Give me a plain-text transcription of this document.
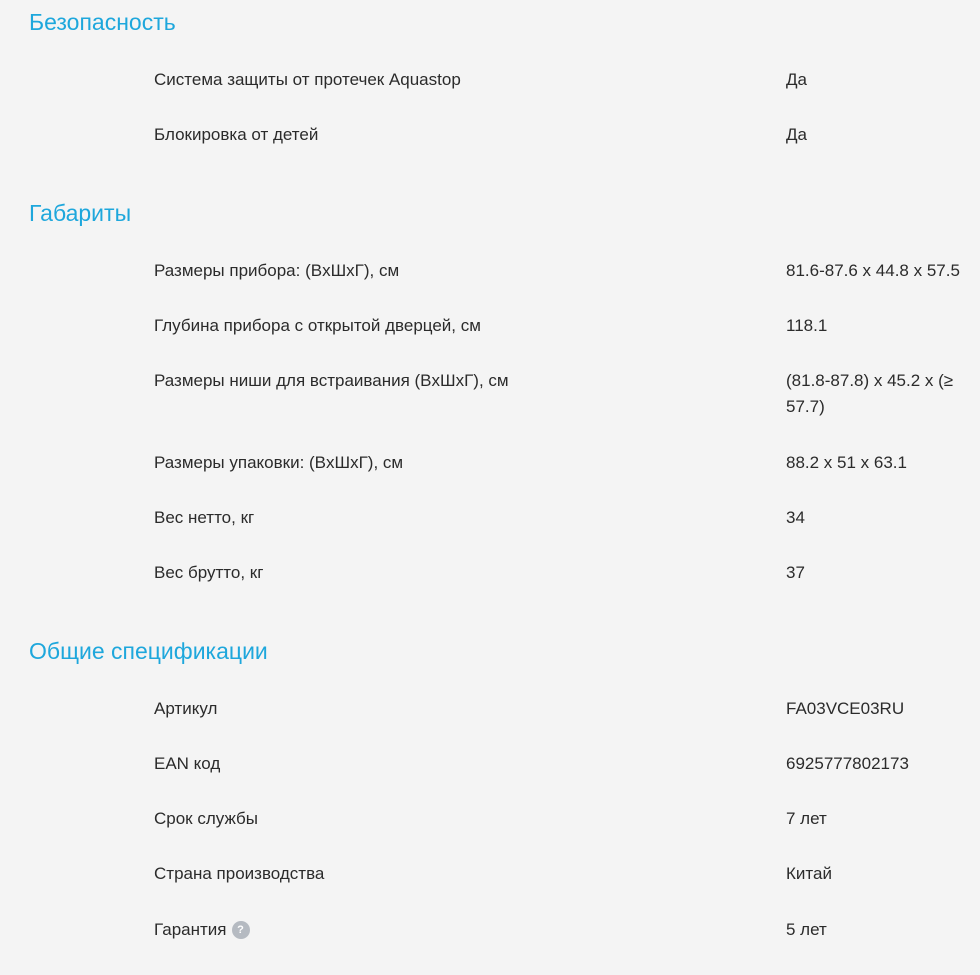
Безопасность
Система защиты от протечек Aquastop	Да
Блокировка от детей	Да
Габариты
Размеры прибора: (ВxШxГ), см	81.6-87.6 x 44.8 x 57.5
Глубина прибора с открытой дверцей, см	118.1
Размеры ниши для встраивания (ВxШxГ), см	(81.8-87.8) x 45.2 x (≥ 57.7)
Размеры упаковки: (ВxШxГ), см	88.2 x 51 x 63.1
Вес нетто, кг	34
Вес брутто, кг	37
Общие спецификации
Артикул	FA03VCE03RU
EAN код	6925777802173
Срок службы	7 лет
Страна производства	Китай
Гарантия ?	5 лет
